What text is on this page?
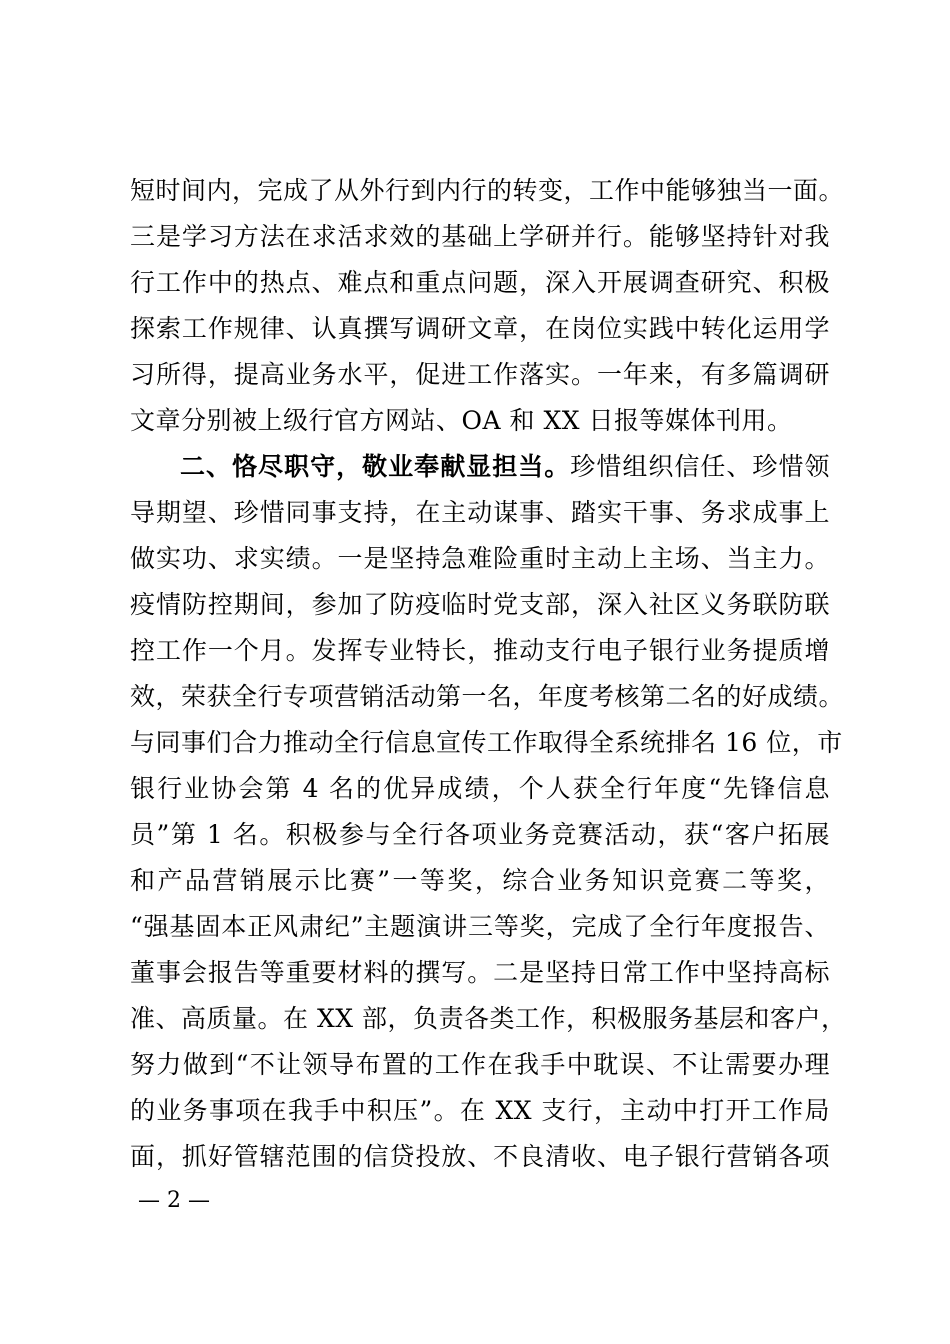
短时间内，完成了从外行到内行的转变，工作中能够独当一面。
三是学习方法在求活求效的基础上学研并行。能够坚持针对我
行工作中的热点、难点和重点问题，深入开展调查研究、积极
探索工作规律、认真撰写调研文章，在岗位实践中转化运用学
习所得，提高业务水平，促进工作落实。一年来，有多篇调研
文章分别被上级行官方网站、OA 和 XX 日报等媒体刊用。
二、恪尽职守，敬业奉献显担当。珍惜组织信任、珍惜领
导期望、珍惜同事支持，在主动谋事、踏实干事、务求成事上
做实功、求实绩。一是坚持急难险重时主动上主场、当主力。
疫情防控期间，参加了防疫临时党支部，深入社区义务联防联
控工作一个月。发挥专业特长，推动支行电子银行业务提质增
效，荣获全行专项营销活动第一名，年度考核第二名的好成绩。
与同事们合力推动全行信息宣传工作取得全系统排名 16 位，市
银行业协会第 4 名的优异成绩，个人获全行年度“先锋信息
员”第 1 名。积极参与全行各项业务竞赛活动，获“客户拓展
和产品营销展示比赛”一等奖，综合业务知识竞赛二等奖，
“强基固本正风肃纪”主题演讲三等奖，完成了全行年度报告、
董事会报告等重要材料的撰写。二是坚持日常工作中坚持高标
准、高质量。在 XX 部，负责各类工作，积极服务基层和客户，
努力做到“不让领导布置的工作在我手中耽误、不让需要办理
的业务事项在我手中积压”。在 XX 支行，主动中打开工作局
面，抓好管辖范围的信贷投放、不良清收、电子银行营销各项
— 2 —
